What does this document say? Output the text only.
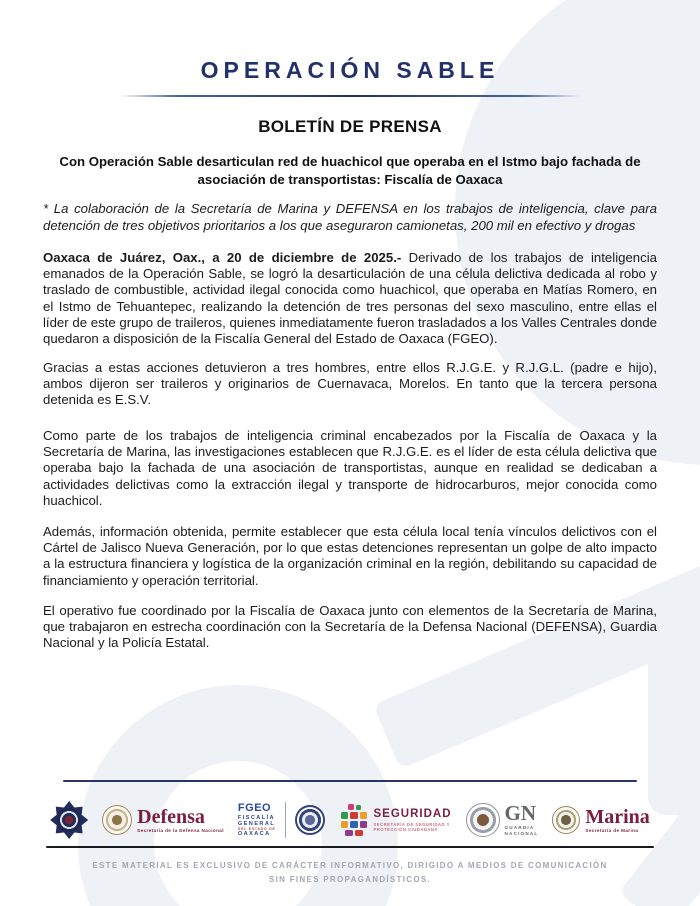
OPERACIÓN SABLE
BOLETÍN DE PRENSA

Con Operación Sable desarticulan red de huachicol que operaba en el Istmo bajo fachada de asociación de transportistas: Fiscalía de Oaxaca

* La colaboración de la Secretaría de Marina y DEFENSA en los trabajos de inteligencia, clave para detención de tres objetivos prioritarios a los que aseguraron camionetas, 200 mil en efectivo y drogas

Oaxaca de Juárez, Oax., a 20 de diciembre de 2025.- Derivado de los trabajos de inteligencia emanados de la Operación Sable, se logró la desarticulación de una célula delictiva dedicada al robo y traslado de combustible, actividad ilegal conocida como huachicol, que operaba en Matías Romero, en el Istmo de Tehuantepec, realizando la detención de tres personas del sexo masculino, entre ellas el líder de este grupo de traileros, quienes inmediatamente fueron trasladados a los Valles Centrales donde quedaron a disposición de la Fiscalía General del Estado de Oaxaca (FGEO).

Gracias a estas acciones detuvieron a tres hombres, entre ellos R.J.G.E. y R.J.G.L. (padre e hijo), ambos dijeron ser traileros y originarios de Cuernavaca, Morelos. En tanto que la tercera persona detenida es E.S.V.

Como parte de los trabajos de inteligencia criminal encabezados por la Fiscalía de Oaxaca y la Secretaría de Marina, las investigaciones establecen que R.J.G.E. es el líder de esta célula delictiva que operaba bajo la fachada de una asociación de transportistas, aunque en realidad se dedicaban a actividades delictivas como la extracción ilegal y transporte de hidrocarburos, mejor conocida como huachicol.

Además, información obtenida, permite establecer que esta célula local tenía vínculos delictivos con el Cártel de Jalisco Nueva Generación, por lo que estas detenciones representan un golpe de alto impacto a la estructura financiera y logística de la organización criminal en la región, debilitando su capacidad de financiamiento y operación territorial.

El operativo fue coordinado por la Fiscalía de Oaxaca junto con elementos de la Secretaría de Marina, que trabajaron en estrecha coordinación con la Secretaría de la Defensa Nacional (DEFENSA), Guardia Nacional y la Policía Estatal.

Defensa
Secretaría de la Defensa Nacional
FGEO
FISCALÍA
GENERAL
DEL ESTADO DE
OAXACA
SEGURIDAD
SECRETARÍA DE SEGURIDAD Y
PROTECCIÓN CIUDADANA
GN
GUARDIA
NACIONAL
Marina
Secretaría de Marina

ESTE MATERIAL ES EXCLUSIVO DE CARÁCTER INFORMATIVO, DIRIGIDO A MEDIOS DE COMUNICACIÓN
SIN FINES PROPAGANDÍSTICOS.
